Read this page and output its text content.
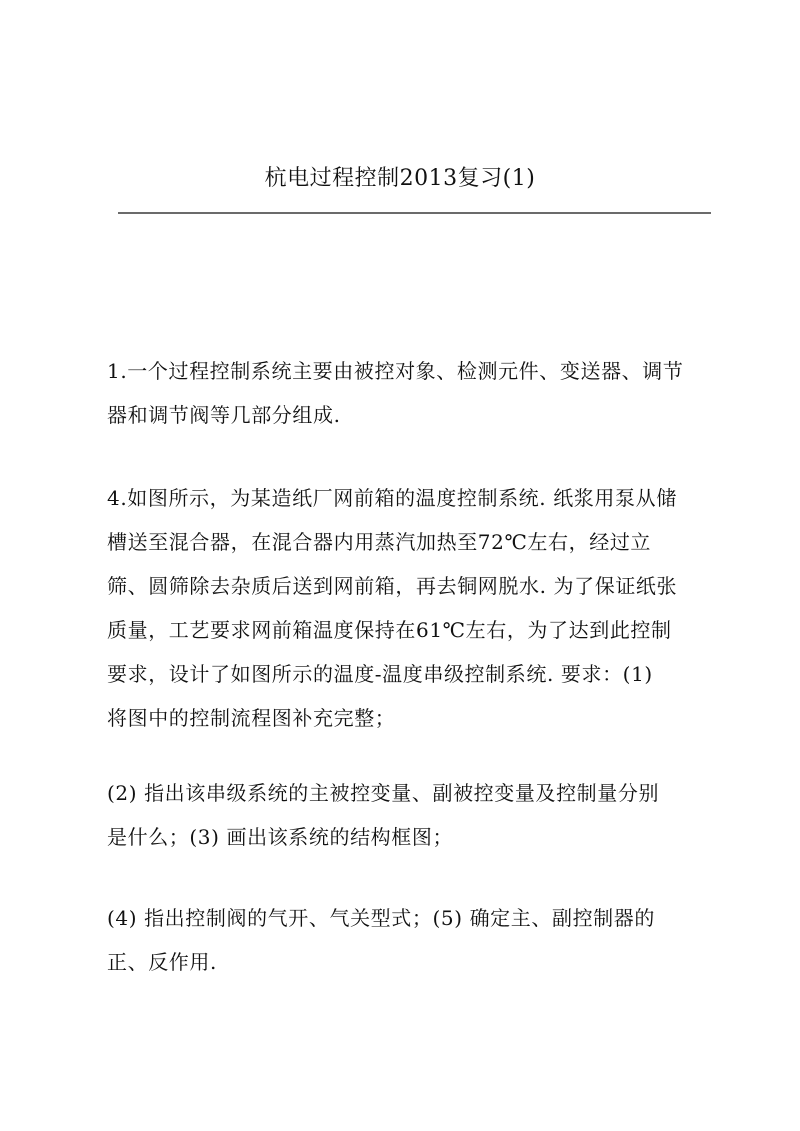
杭电过程控制2013复习(1)

1.一个过程控制系统主要由被控对象、检测元件、变送器、调节
器和调节阀等几部分组成.

4.如图所示，为某造纸厂网前箱的温度控制系统. 纸浆用泵从储
槽送至混合器，在混合器内用蒸汽加热至72℃左右，经过立
筛、圆筛除去杂质后送到网前箱，再去铜网脱水. 为了保证纸张
质量，工艺要求网前箱温度保持在61℃左右，为了达到此控制
要求，设计了如图所示的温度-温度串级控制系统. 要求：(1)
将图中的控制流程图补充完整；

(2) 指出该串级系统的主被控变量、副被控变量及控制量分别
是什么；(3) 画出该系统的结构框图；

(4) 指出控制阀的气开、气关型式；(5) 确定主、副控制器的
正、反作用.
